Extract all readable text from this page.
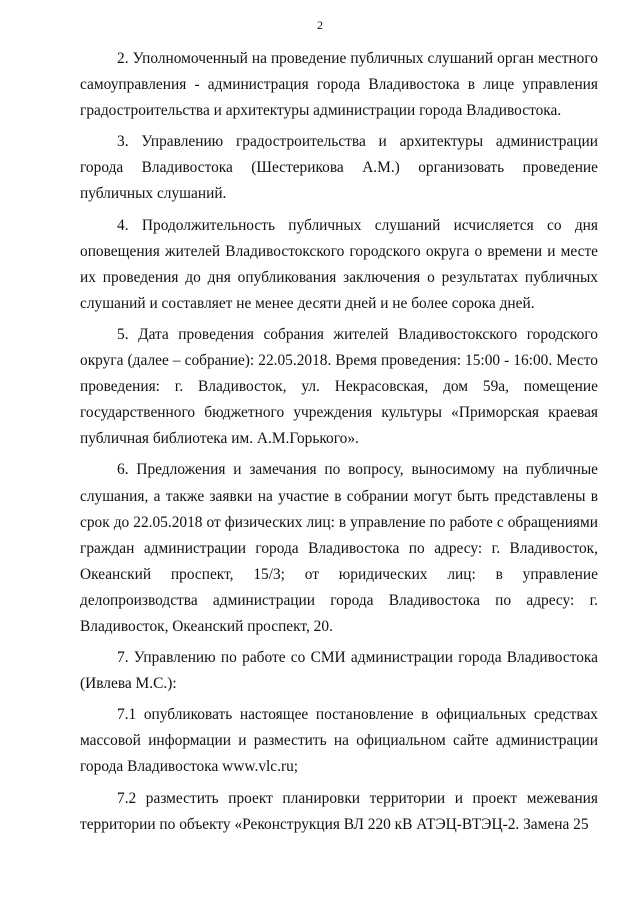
2

2. Уполномоченный на проведение публичных слушаний орган местного самоуправления - администрация города Владивостока в лице управления градостроительства и архитектуры администрации города Владивостока.

3. Управлению градостроительства и архитектуры администрации города Владивостока (Шестерикова А.М.) организовать проведение публичных слушаний.

4. Продолжительность публичных слушаний исчисляется со дня оповещения жителей Владивостокского городского округа о времени и месте их проведения до дня опубликования заключения о результатах публичных слушаний и составляет не менее десяти дней и не более сорока дней.

5. Дата проведения собрания жителей Владивостокского городского округа (далее – собрание): 22.05.2018. Время проведения: 15:00 - 16:00. Место проведения: г. Владивосток, ул. Некрасовская, дом 59а, помещение государственного бюджетного учреждения культуры «Приморская краевая публичная библиотека им. А.М.Горького».

6. Предложения и замечания по вопросу, выносимому на публичные слушания, а также заявки на участие в собрании могут быть представлены в срок до 22.05.2018 от физических лиц: в управление по работе с обращениями граждан администрации города Владивостока по адресу: г. Владивосток, Океанский проспект, 15/3; от юридических лиц: в управление делопроизводства администрации города Владивостока по адресу: г. Владивосток, Океанский проспект, 20.

7. Управлению по работе со СМИ администрации города Владивостока (Ивлева М.С.):

7.1 опубликовать настоящее постановление в официальных средствах массовой информации и разместить на официальном сайте администрации города Владивостока www.vlc.ru;

7.2 разместить проект планировки территории и проект межевания территории по объекту «Реконструкция ВЛ 220 кВ АТЭЦ-ВТЭЦ-2. Замена 25
